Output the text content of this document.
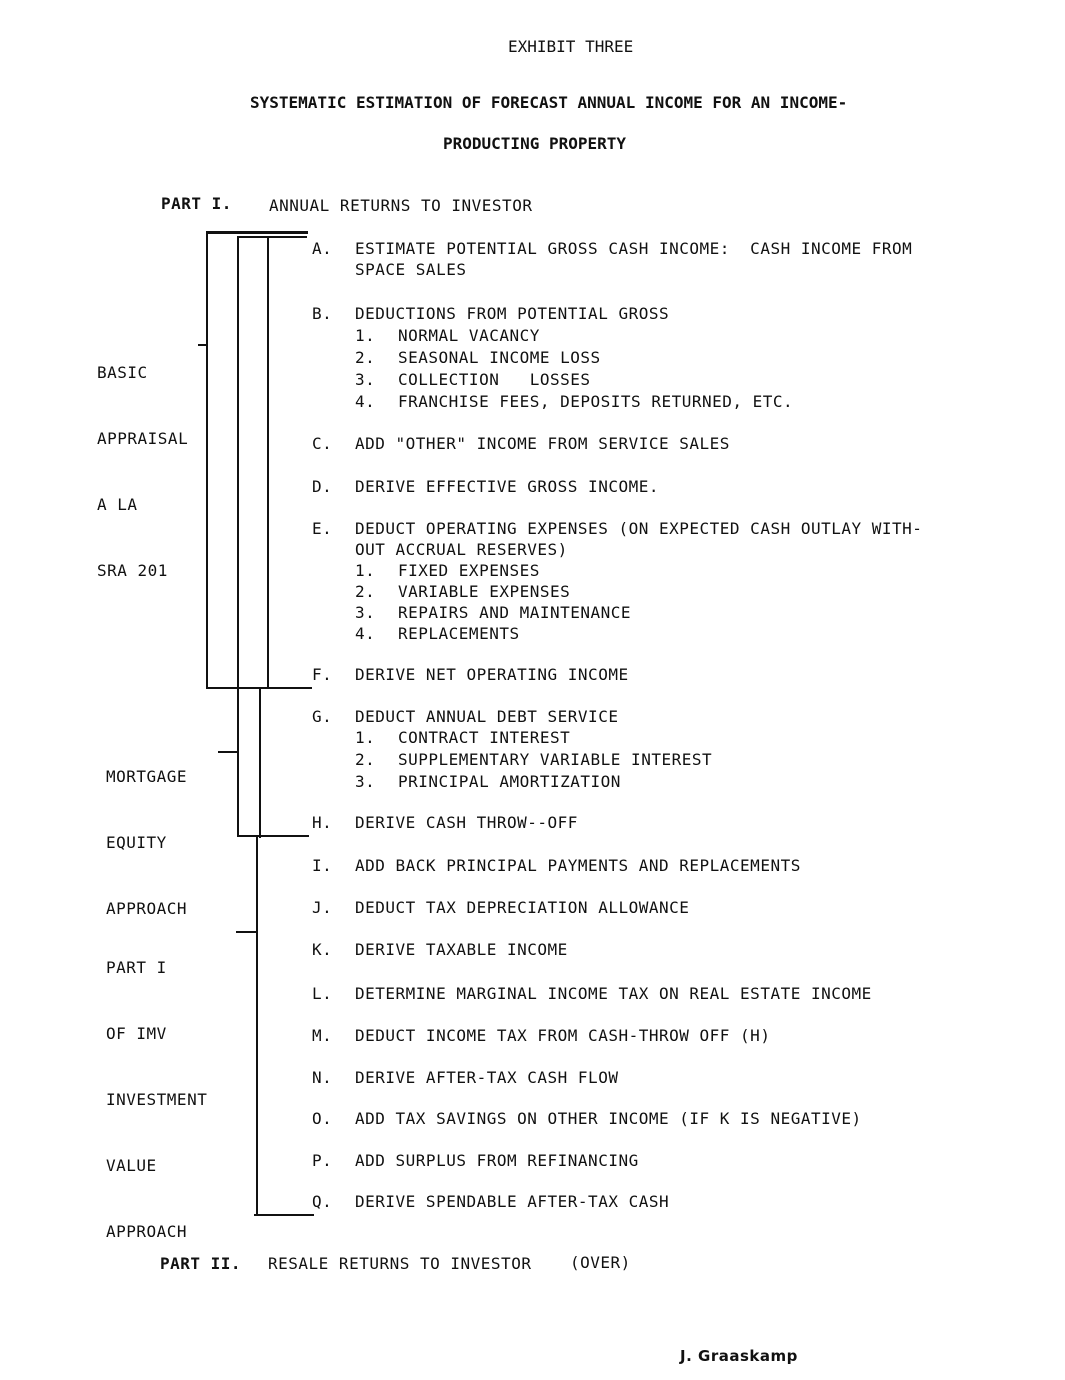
EXHIBIT THREE
SYSTEMATIC ESTIMATION OF FORECAST ANNUAL INCOME FOR AN INCOME-
PRODUCTING PROPERTY
PART I. ANNUAL RETURNS TO INVESTOR

BASIC

APPRAISAL

A LA

SRA 201

MORTGAGE

EQUITY

APPROACH

PART I

OF IMV

INVESTMENT

VALUE

APPROACH

A. ESTIMATE POTENTIAL GROSS CASH INCOME:  CASH INCOME FROM
SPACE SALES
B. DEDUCTIONS FROM POTENTIAL GROSS
1. NORMAL VACANCY
2. SEASONAL INCOME LOSS
3. COLLECTION   LOSSES
4. FRANCHISE FEES, DEPOSITS RETURNED, ETC.
C. ADD "OTHER" INCOME FROM SERVICE SALES
D. DERIVE EFFECTIVE GROSS INCOME.
E. DEDUCT OPERATING EXPENSES (ON EXPECTED CASH OUTLAY WITH-
OUT ACCRUAL RESERVES)
1. FIXED EXPENSES
2. VARIABLE EXPENSES
3. REPAIRS AND MAINTENANCE
4. REPLACEMENTS
F. DERIVE NET OPERATING INCOME
G. DEDUCT ANNUAL DEBT SERVICE
1. CONTRACT INTEREST
2. SUPPLEMENTARY VARIABLE INTEREST
3. PRINCIPAL AMORTIZATION
H. DERIVE CASH THROW--OFF
I. ADD BACK PRINCIPAL PAYMENTS AND REPLACEMENTS
J. DEDUCT TAX DEPRECIATION ALLOWANCE
K. DERIVE TAXABLE INCOME
L. DETERMINE MARGINAL INCOME TAX ON REAL ESTATE INCOME
M. DEDUCT INCOME TAX FROM CASH-THROW OFF (H)
N. DERIVE AFTER-TAX CASH FLOW
O. ADD TAX SAVINGS ON OTHER INCOME (IF K IS NEGATIVE)
P. ADD SURPLUS FROM REFINANCING
Q. DERIVE SPENDABLE AFTER-TAX CASH
PART II. RESALE RETURNS TO INVESTOR (OVER)
J. Graaskamp
